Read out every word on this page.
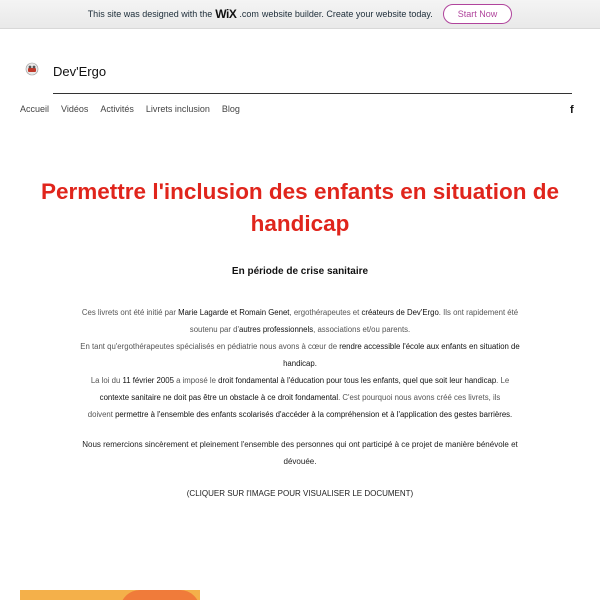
This site was designed with the WiX .com website builder. Create your website today.	Start Now
Dev'Ergo
Accueil Vidéos Activités Livrets inclusion Blog	f
Permettre l'inclusion des enfants en situation de handicap
En période de crise sanitaire
Ces livrets ont été initié par Marie Lagarde et Romain Genet, ergothérapeutes et créateurs de Dev'Ergo. Ils ont rapidement été
soutenu par d'autres professionnels, associations et/ou parents.
En tant qu'ergothérapeutes spécialisés en pédiatrie nous avons à cœur de rendre accessible l'école aux enfants en situation de
handicap.
La loi du 11 février 2005 a imposé le droit fondamental à l'éducation pour tous les enfants, quel que soit leur handicap. Le
contexte sanitaire ne doit pas être un obstacle à ce droit fondamental. C'est pourquoi nous avons créé ces livrets, ils
doivent permettre à l'ensemble des enfants scolarisés d'accéder à la compréhension et à l'application des gestes barrières.
Nous remercions sincèrement et pleinement l'ensemble des personnes qui ont participé à ce projet de manière bénévole et
dévouée.
(CLIQUER SUR l'IMAGE POUR VISUALISER LE DOCUMENT)
